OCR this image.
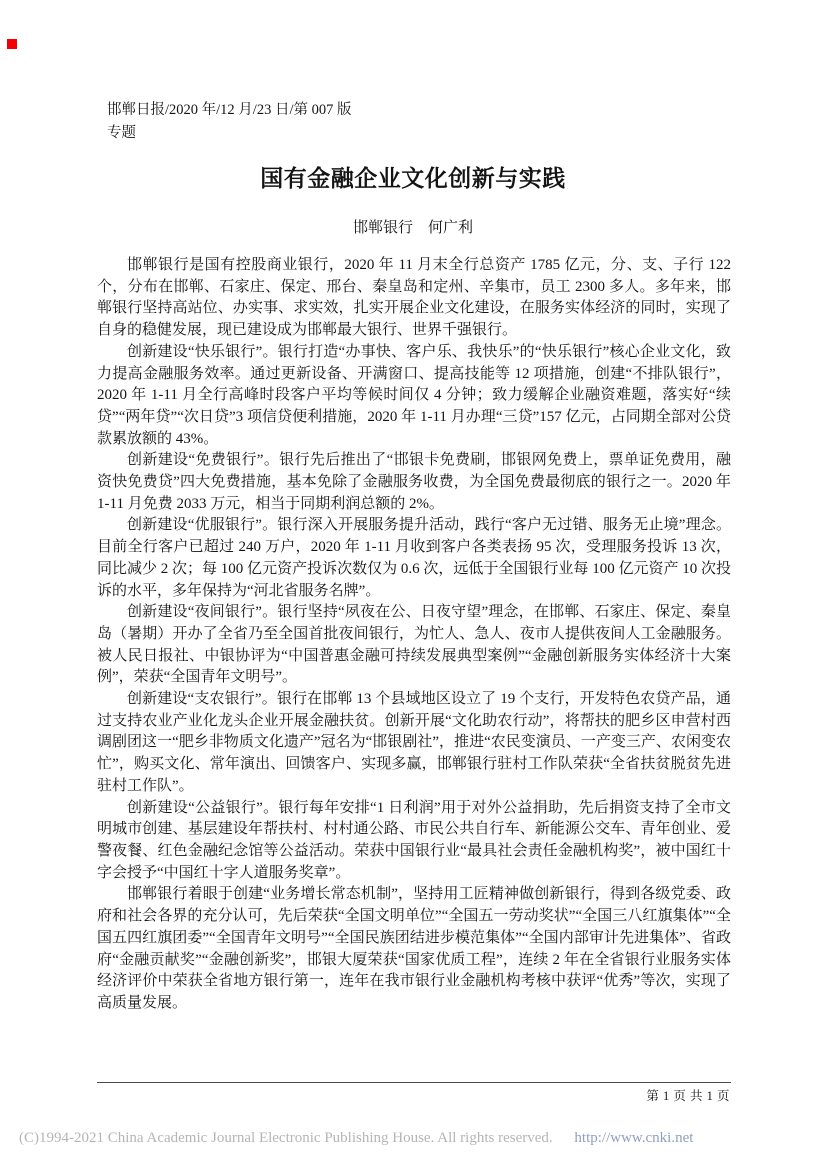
邯郸日报/2020 年/12 月/23 日/第 007 版
专题
国有金融企业文化创新与实践
邯郸银行　何广利

邯郸银行是国有控股商业银行，2020 年 11 月末全行总资产 1785 亿元，分、支、子行 122 个，分布在邯郸、石家庄、保定、邢台、秦皇岛和定州、辛集市，员工 2300 多人。多年来，邯郸银行坚持高站位、办实事、求实效，扎实开展企业文化建设，在服务实体经济的同时，实现了自身的稳健发展，现已建设成为邯郸最大银行、世界千强银行。

创新建设“快乐银行”。银行打造“办事快、客户乐、我快乐”的“快乐银行”核心企业文化，致力提高金融服务效率。通过更新设备、开满窗口、提高技能等 12 项措施，创建“不排队银行”，2020 年 1-11 月全行高峰时段客户平均等候时间仅 4 分钟；致力缓解企业融资难题，落实好“续贷”“两年贷”“次日贷”3 项信贷便利措施，2020 年 1-11 月办理“三贷”157 亿元，占同期全部对公贷款累放额的 43%。

创新建设“免费银行”。银行先后推出了“邯银卡免费刷，邯银网免费上，票单证免费用，融资快免费贷”四大免费措施，基本免除了金融服务收费，为全国免费最彻底的银行之一。2020 年 1-11 月免费 2033 万元，相当于同期利润总额的 2%。

创新建设“优服银行”。银行深入开展服务提升活动，践行“客户无过错、服务无止境”理念。目前全行客户已超过 240 万户，2020 年 1-11 月收到客户各类表扬 95 次，受理服务投诉 13 次，同比减少 2 次；每 100 亿元资产投诉次数仅为 0.6 次，远低于全国银行业每 100 亿元资产 10 次投诉的水平，多年保持为“河北省服务名牌”。

创新建设“夜间银行”。银行坚持“夙夜在公、日夜守望”理念，在邯郸、石家庄、保定、秦皇岛（暑期）开办了全省乃至全国首批夜间银行，为忙人、急人、夜市人提供夜间人工金融服务。被人民日报社、中银协评为“中国普惠金融可持续发展典型案例”“金融创新服务实体经济十大案例”，荣获“全国青年文明号”。

创新建设“支农银行”。银行在邯郸 13 个县域地区设立了 19 个支行，开发特色农贷产品，通过支持农业产业化龙头企业开展金融扶贫。创新开展“文化助农行动”，将帮扶的肥乡区申营村西调剧团这一“肥乡非物质文化遗产”冠名为“邯银剧社”，推进“农民变演员、一产变三产、农闲变农忙”，购买文化、常年演出、回馈客户、实现多赢，邯郸银行驻村工作队荣获“全省扶贫脱贫先进驻村工作队”。

创新建设“公益银行”。银行每年安排“1 日利润”用于对外公益捐助，先后捐资支持了全市文明城市创建、基层建设年帮扶村、村村通公路、市民公共自行车、新能源公交车、青年创业、爱警夜餐、红色金融纪念馆等公益活动。荣获中国银行业“最具社会责任金融机构奖”，被中国红十字会授予“中国红十字人道服务奖章”。

邯郸银行着眼于创建“业务增长常态机制”，坚持用工匠精神做创新银行，得到各级党委、政府和社会各界的充分认可，先后荣获“全国文明单位”“全国五一劳动奖状”“全国三八红旗集体”“全国五四红旗团委”“全国青年文明号”“全国民族团结进步模范集体”“全国内部审计先进集体”、省政府“金融贡献奖”“金融创新奖”，邯银大厦荣获“国家优质工程”，连续 2 年在全省银行业服务实体经济评价中荣获全省地方银行第一，连年在我市银行业金融机构考核中获评“优秀”等次，实现了高质量发展。

第 1 页 共 1 页
(C)1994-2021 China Academic Journal Electronic Publishing House. All rights reserved. http://www.cnki.net
